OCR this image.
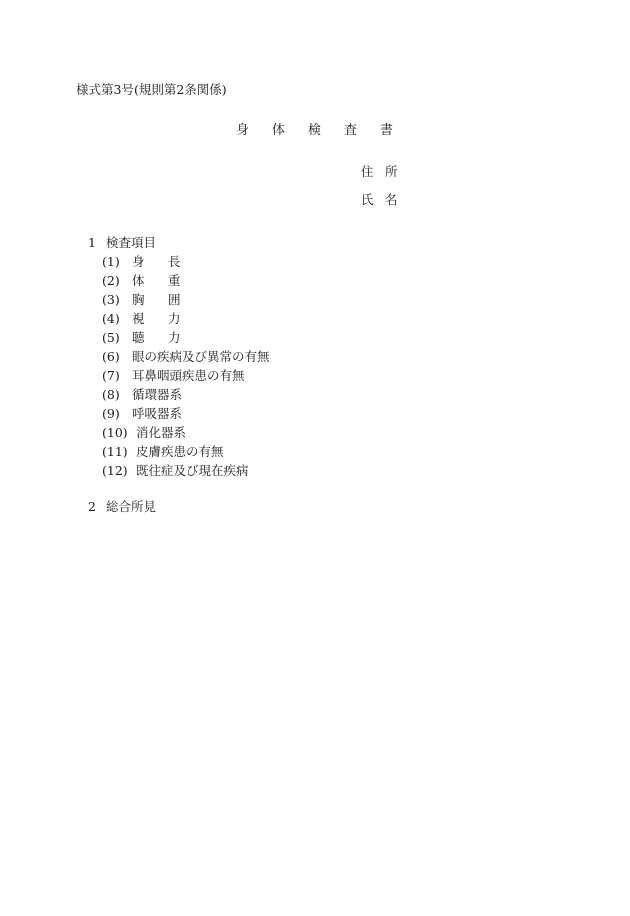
様式第3号(規則第2条関係)
身 体 検 査 書
住 所
氏 名
1 検査項目
(1) 身 長
(2) 体 重
(3) 胸 囲
(4) 視 力
(5) 聴 力
(6) 眼の疾病及び異常の有無
(7) 耳鼻咽頭疾患の有無
(8) 循環器系
(9) 呼吸器系
(10) 消化器系
(11) 皮膚疾患の有無
(12) 既往症及び現在疾病
2 総合所見
